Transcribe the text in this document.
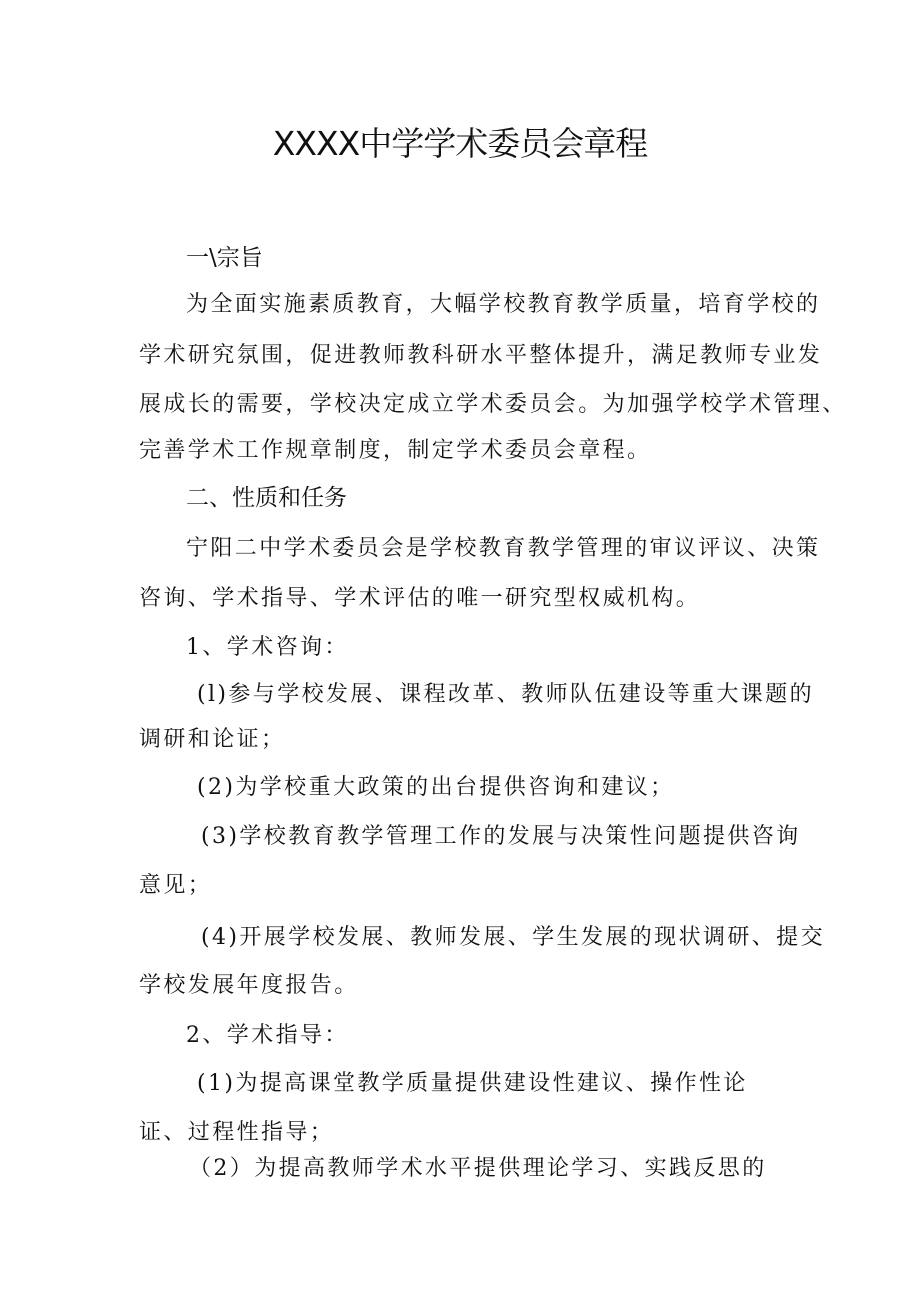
XXXX中学学术委员会章程
一\宗旨
为全面实施素质教育，大幅学校教育教学质量，培育学校的
学术研究氛围，促进教师教科研水平整体提升，满足教师专业发
展成长的需要，学校决定成立学术委员会。为加强学校学术管理、
完善学术工作规章制度，制定学术委员会章程。
二、性质和任务
宁阳二中学术委员会是学校教育教学管理的审议评议、决策
咨询、学术指导、学术评估的唯一研究型权威机构。
1、学术咨询：
(l)参与学校发展、课程改革、教师队伍建设等重大课题的
调研和论证；
(2)为学校重大政策的出台提供咨询和建议；
(3)学校教育教学管理工作的发展与决策性问题提供咨询
意见；
(4)开展学校发展、教师发展、学生发展的现状调研、提交
学校发展年度报告。
2、学术指导：
(1)为提高课堂教学质量提供建设性建议、操作性论
证、过程性指导；
（2）为提高教师学术水平提供理论学习、实践反思的
